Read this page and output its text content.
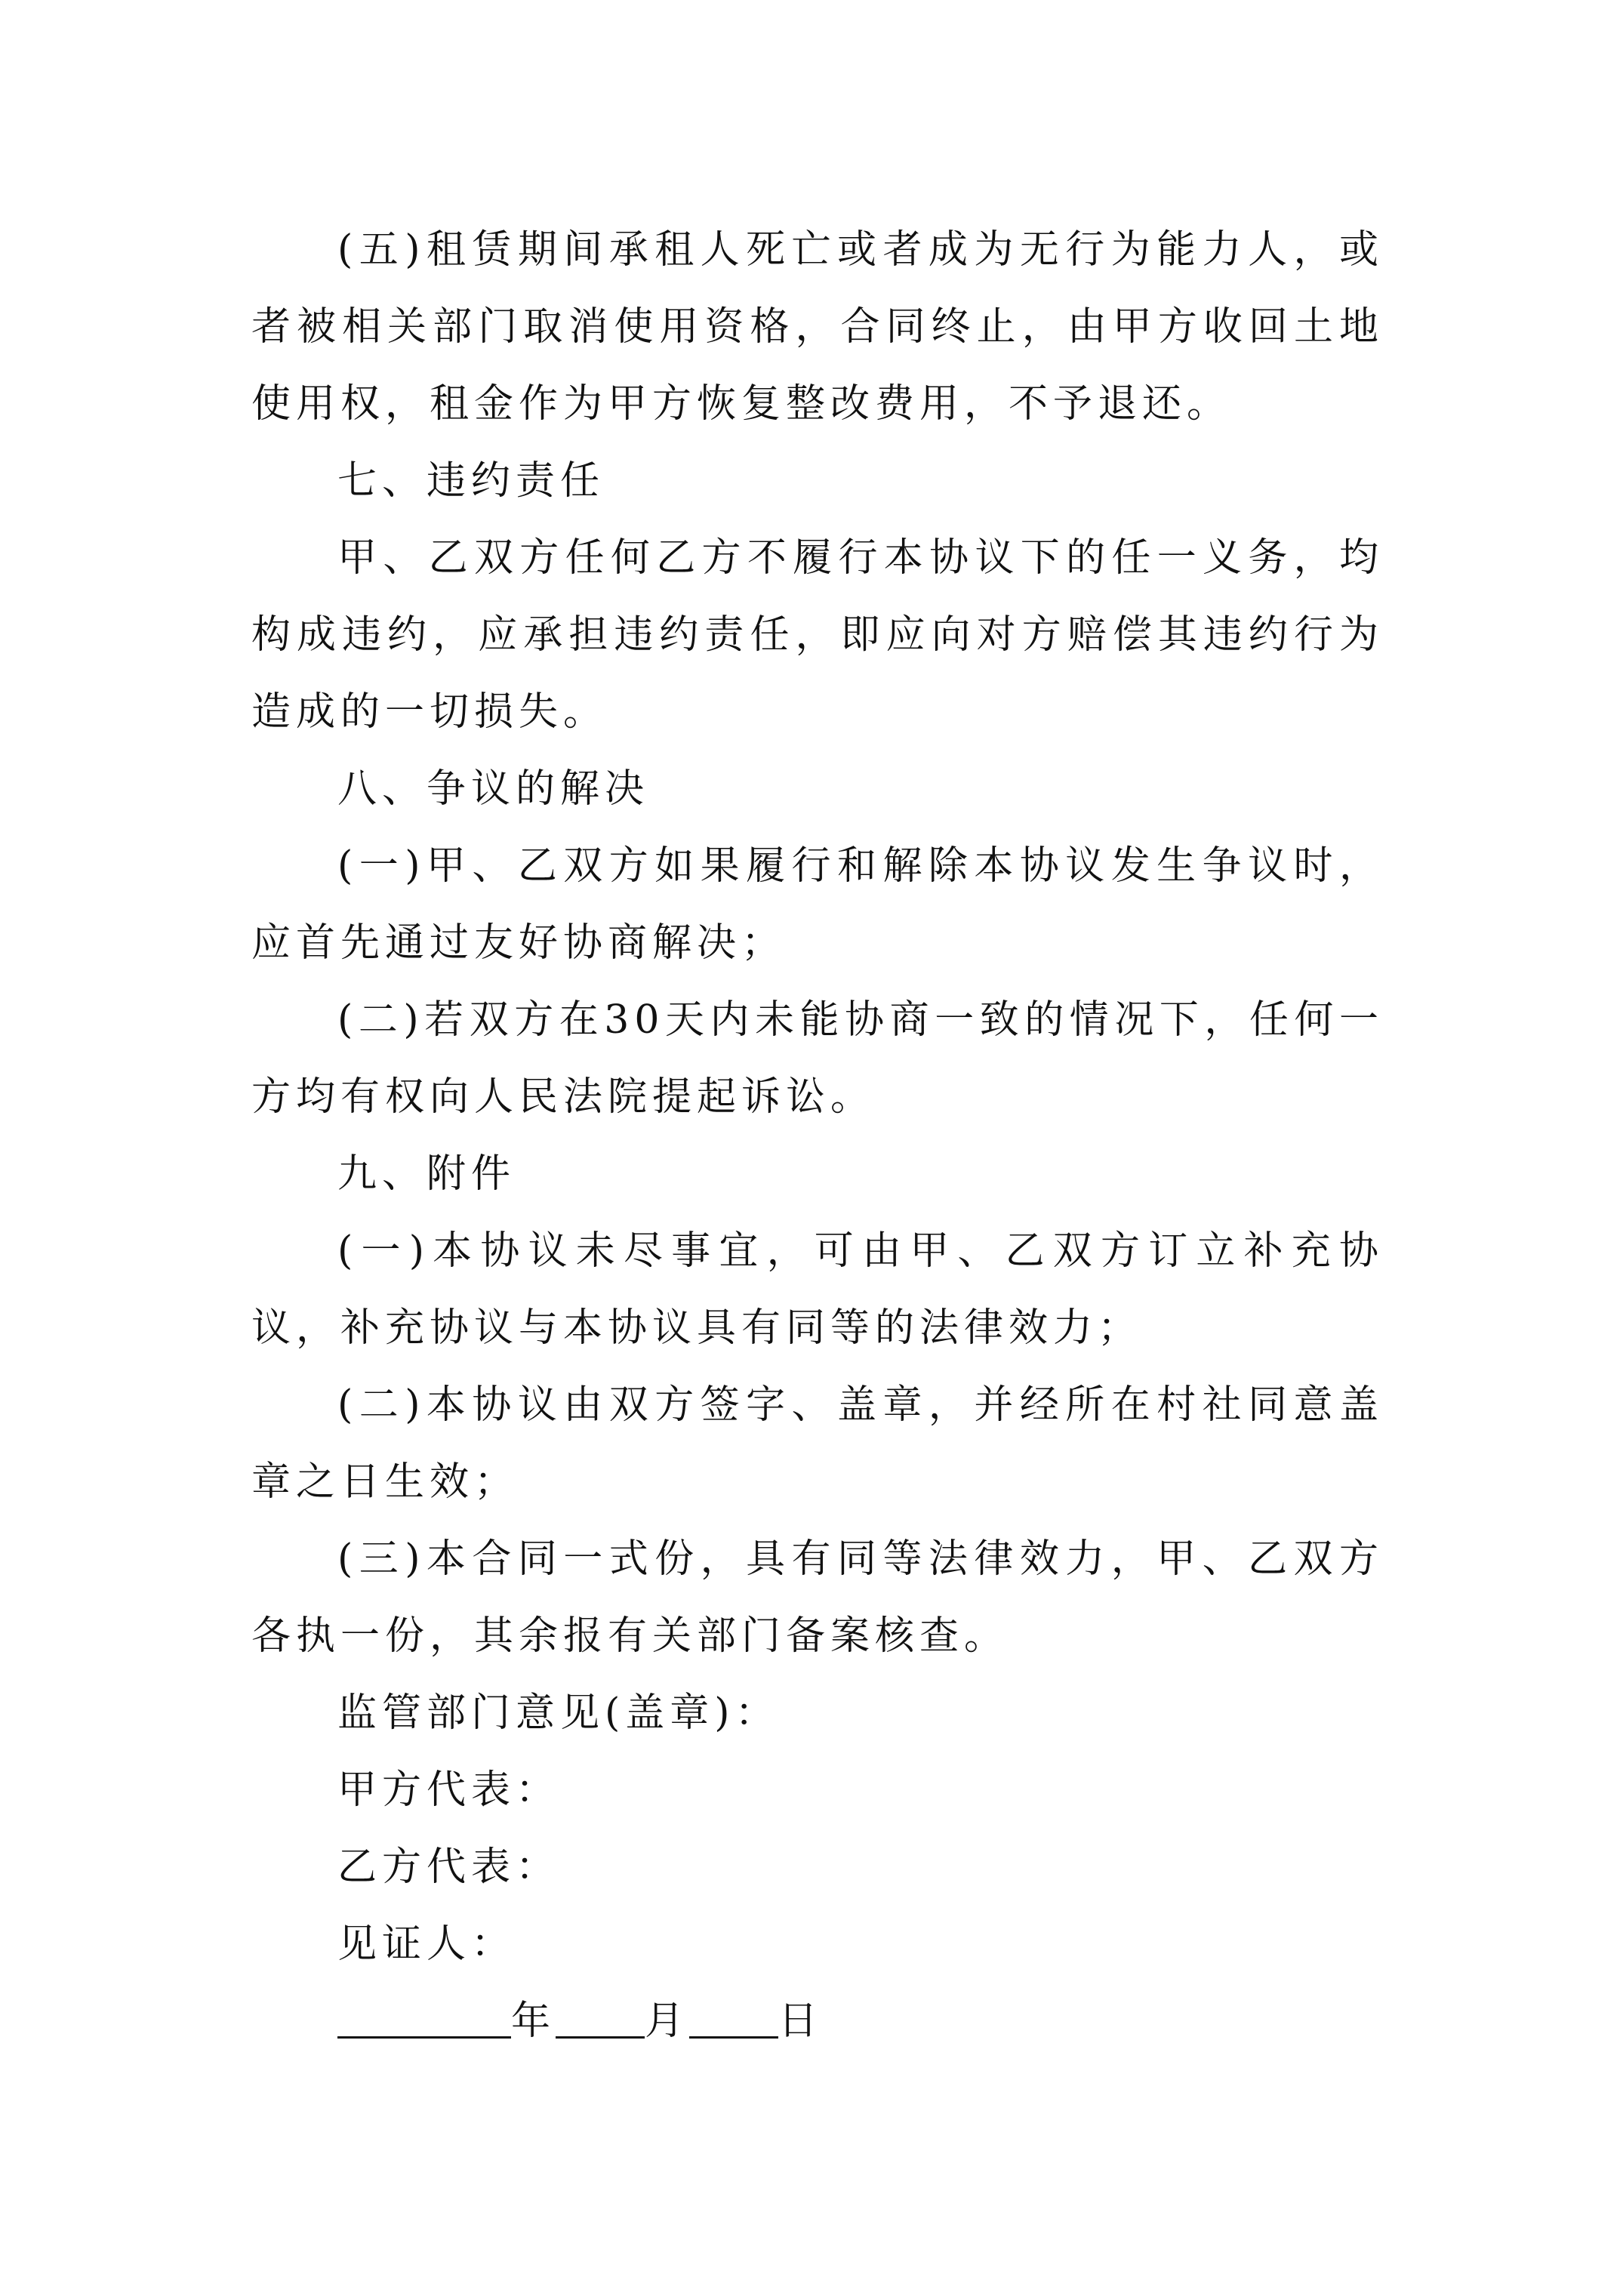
(五)租赁期间承租人死亡或者成为无行为能力人，或者被相关部门取消使用资格，合同终止，由甲方收回土地使用权，租金作为甲方恢复整改费用，不予退还。

七、违约责任

甲、乙双方任何乙方不履行本协议下的任一义务，均构成违约，应承担违约责任，即应向对方赔偿其违约行为造成的一切损失。

八、争议的解决

(一)甲、乙双方如果履行和解除本协议发生争议时，应首先通过友好协商解决；

(二)若双方在30天内未能协商一致的情况下，任何一方均有权向人民法院提起诉讼。

九、附件

(一)本协议未尽事宜，可由甲、乙双方订立补充协议，补充协议与本协议具有同等的法律效力；

(二)本协议由双方签字、盖章，并经所在村社同意盖章之日生效；

(三)本合同一式份，具有同等法律效力，甲、乙双方各执一份，其余报有关部门备案核查。

监管部门意见(盖章)：

甲方代表：

乙方代表：

见证人：

年 月 日
